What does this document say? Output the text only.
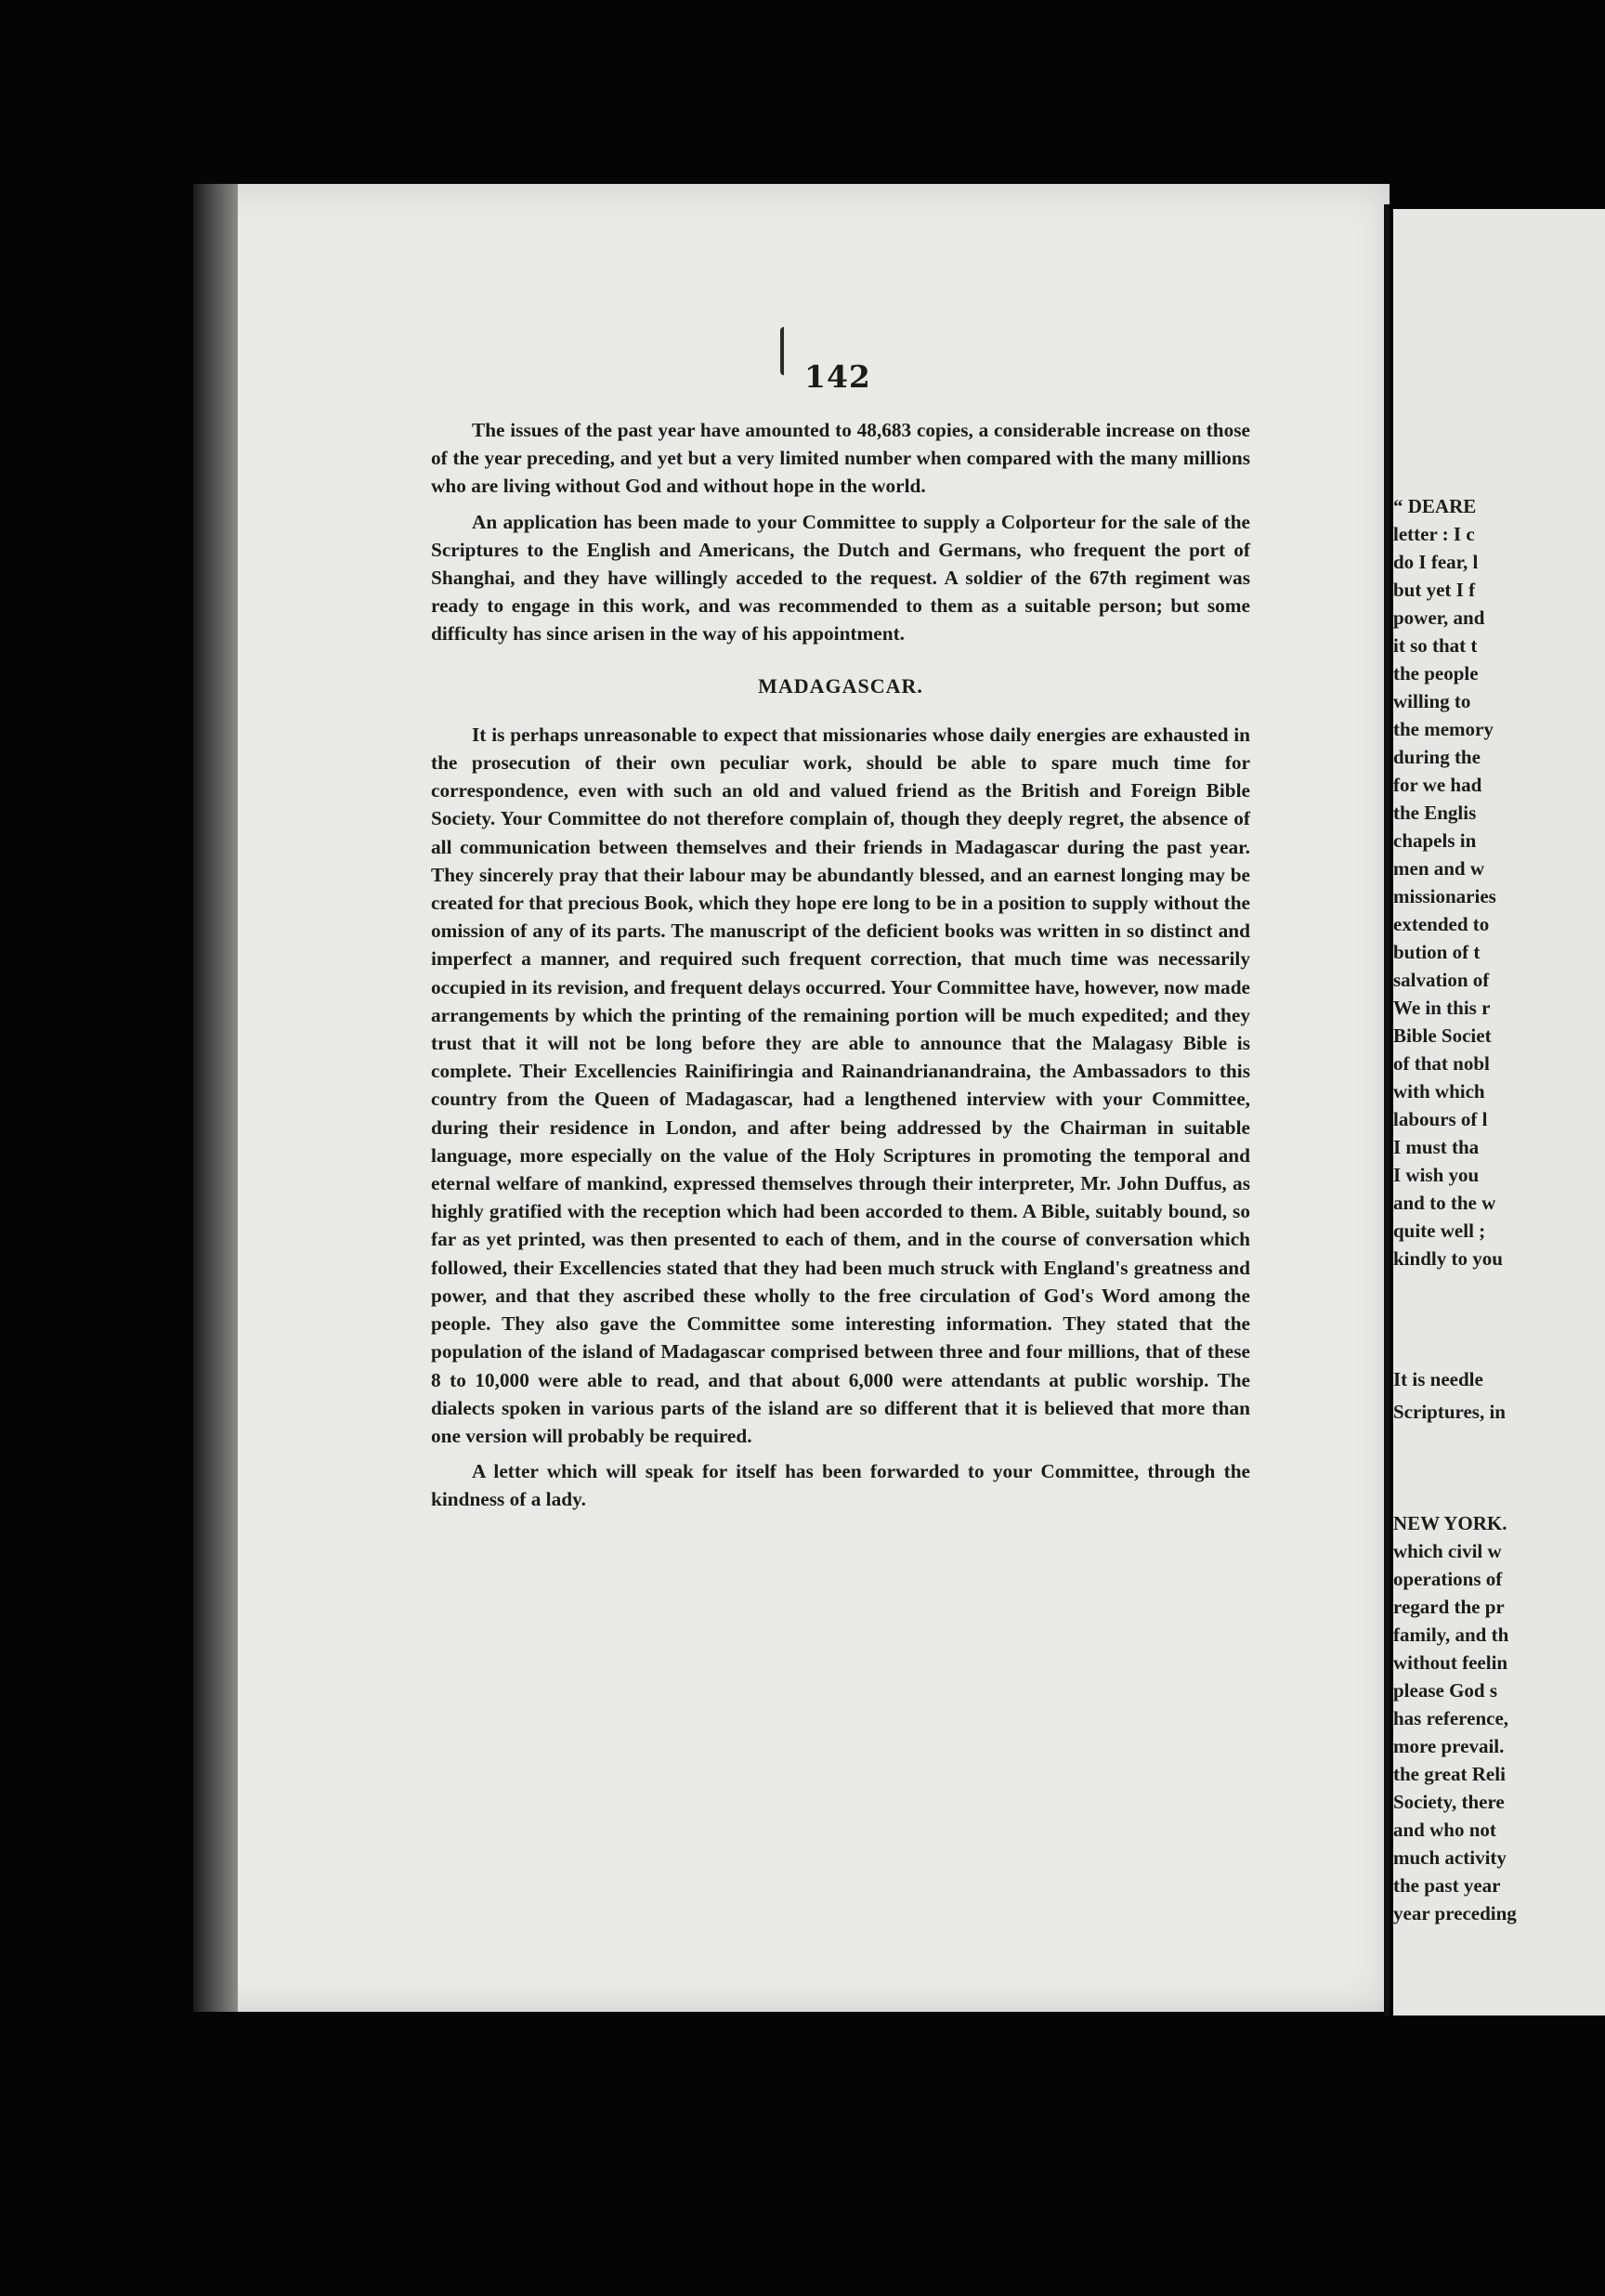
142

The issues of the past year have amounted to 48,683 copies, a considerable increase on those of the year preceding, and yet but a very limited number when compared with the many millions who are living without God and without hope in the world.

An application has been made to your Committee to supply a Colporteur for the sale of the Scriptures to the English and Americans, the Dutch and Germans, who frequent the port of Shanghai, and they have willingly acceded to the request. A soldier of the 67th regiment was ready to engage in this work, and was recommended to them as a suitable person; but some difficulty has since arisen in the way of his appointment.

MADAGASCAR.

It is perhaps unreasonable to expect that missionaries whose daily energies are exhausted in the prosecution of their own peculiar work, should be able to spare much time for correspondence, even with such an old and valued friend as the British and Foreign Bible Society. Your Committee do not therefore complain of, though they deeply regret, the absence of all communication between themselves and their friends in Madagascar during the past year. They sincerely pray that their labour may be abundantly blessed, and an earnest longing may be created for that precious Book, which they hope ere long to be in a position to supply without the omission of any of its parts. The manuscript of the deficient books was written in so distinct and imperfect a manner, and required such frequent correction, that much time was necessarily occupied in its revision, and frequent delays occurred. Your Committee have, however, now made arrangements by which the printing of the remaining portion will be much expedited; and they trust that it will not be long before they are able to announce that the Malagasy Bible is complete. Their Excellencies Rainifiringia and Rainandrianandraina, the Ambassadors to this country from the Queen of Madagascar, had a lengthened interview with your Committee, during their residence in London, and after being addressed by the Chairman in suitable language, more especially on the value of the Holy Scriptures in promoting the temporal and eternal welfare of mankind, expressed themselves through their interpreter, Mr. John Duffus, as highly gratified with the reception which had been accorded to them. A Bible, suitably bound, so far as yet printed, was then presented to each of them, and in the course of conversation which followed, their Excellencies stated that they had been much struck with England's greatness and power, and that they ascribed these wholly to the free circulation of God's Word among the people. They also gave the Committee some interesting information. They stated that the population of the island of Madagascar comprised between three and four millions, that of these 8 to 10,000 were able to read, and that about 6,000 were attendants at public worship. The dialects spoken in various parts of the island are so different that it is believed that more than one version will probably be required.

A letter which will speak for itself has been forwarded to your Committee, through the kindness of a lady.

“ DEARE
letter : I c
do I fear, l
but yet I f
power, and
it so that t
the people
willing to
the memory
during the
for we had
the Englis
chapels in
men and w
missionaries
extended to
bution of t
salvation of
We in this r
Bible Societ
of that nobl
with which
labours of l
I must tha
I wish you
and to the w
quite well ;
kindly to you
It is needle
Scriptures, in
NEW YORK.
which civil w
operations of
regard the pr
family, and th
without feelin
please God s
has reference,
more prevail.
the great Reli
Society, there
and who not
much activity
the past year
year preceding
